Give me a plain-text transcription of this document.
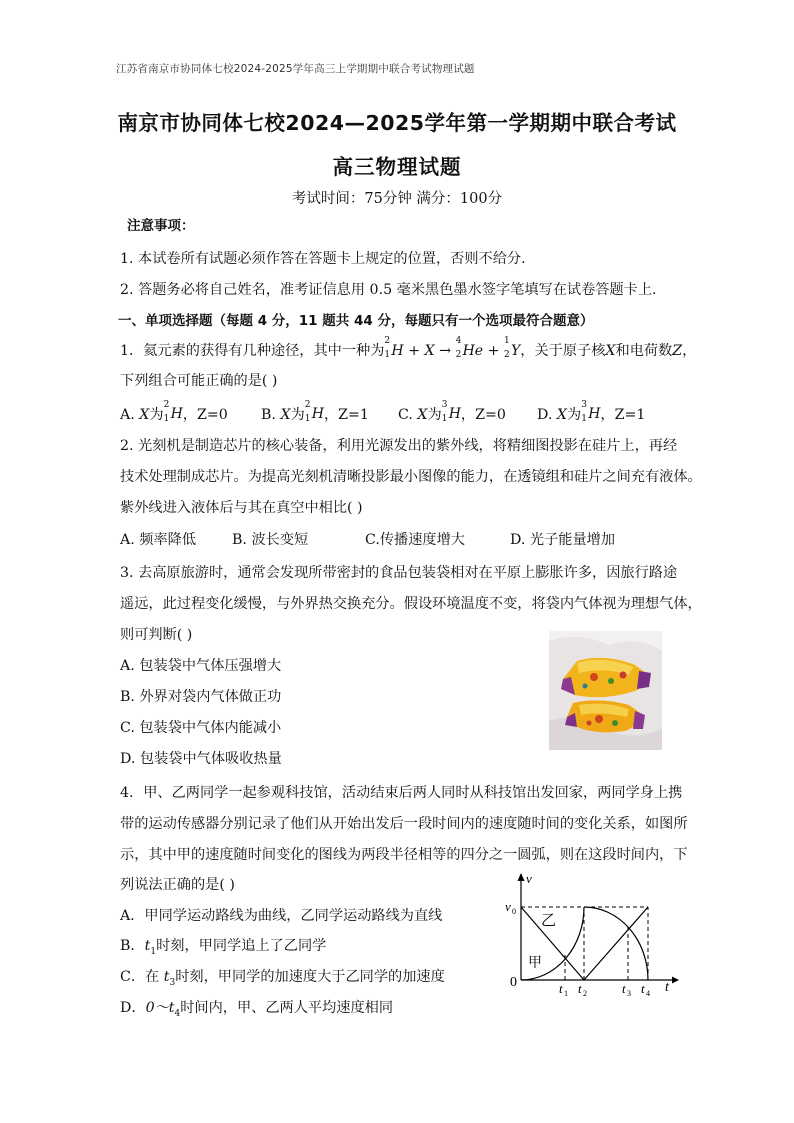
江苏省南京市协同体七校2024-2025学年高三上学期期中联合考试物理试题
南京市协同体七校2024—2025学年第一学期期中联合考试
高三物理试题
考试时间：75分钟 满分：100分
注意事项：
1. 本试卷所有试题必须作答在答题卡上规定的位置，否则不给分.
2. 答题务必将自己姓名，准考证信息用 0.5 毫米黑色墨水签字笔填写在试卷答题卡上.
一、单项选择题（每题 4 分，11 题共 44 分，每题只有一个选项最符合题意）
1．氦元素的获得有几种途径，其中一种为
2
1 H + X →
4
2 He +
1
2 Y，关于原子核X和电荷数Z，
下列组合可能正确的是( )
A. X为
2
1 H，Z=0 B. X为
2
1 H，Z=1 C. X为
3
1 H，Z=0 D. X为
3
1 H，Z=1
2. 光刻机是制造芯片的核心装备，利用光源发出的紫外线，将精细图投影在硅片上，再经
技术处理制成芯片。为提高光刻机清晰投影最小图像的能力，在透镜组和硅片之间充有液体。
紫外线进入液体后与其在真空中相比( )
A. 频率降低	B. 波长变短	C.传播速度增大	D. 光子能量增加
3. 去高原旅游时，通常会发现所带密封的食品包装袋相对在平原上膨胀许多，因旅行路途
遥远，此过程变化缓慢，与外界热交换充分。假设环境温度不变，将袋内气体视为理想气体，
则可判断( )
A. 包装袋中气体压强增大
B. 外界对袋内气体做正功
C. 包装袋中气体内能减小
D. 包装袋中气体吸收热量
4．甲、乙两同学一起参观科技馆，活动结束后两人同时从科技馆出发回家，两同学身上携
带的运动传感器分别记录了他们从开始出发后一段时间内的速度随时间的变化关系，如图所
示，其中甲的速度随时间变化的图线为两段半径相等的四分之一圆弧，则在这段时间内，下
列说法正确的是( )
A．甲同学运动路线为曲线，乙同学运动路线为直线
B．$t_1$时刻，甲同学追上了乙同学
C．在 $t_3$时刻，甲同学的加速度大于乙同学的加速度
D．$0\sim t_4$时间内，甲、乙两人平均速度相同
v
v 0 乙
甲
0	t
t 1 t 2	t 3 t 4
